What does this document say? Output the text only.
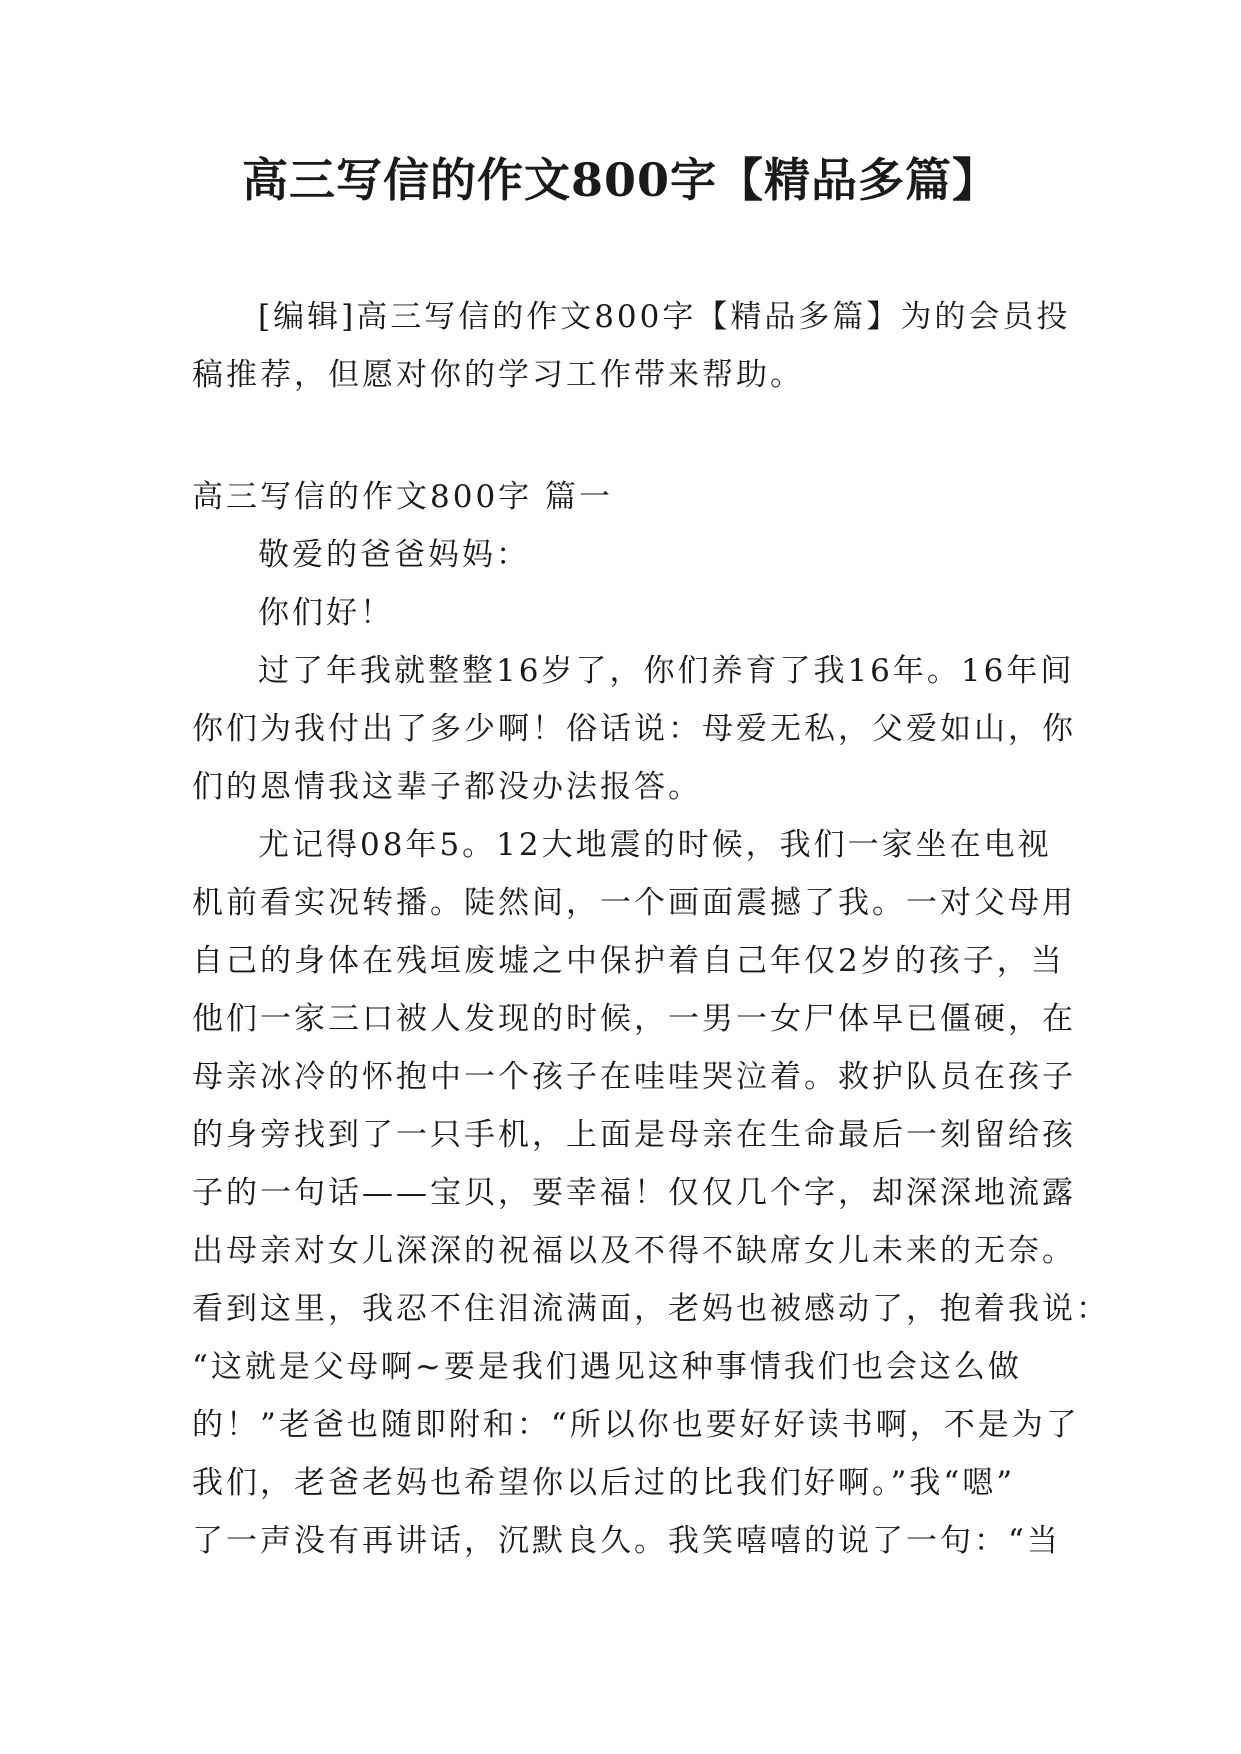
高三写信的作文800字【精品多篇】
[编辑]高三写信的作文800字【精品多篇】为的会员投
稿推荐，但愿对你的学习工作带来帮助。
高三写信的作文800字 篇一
敬爱的爸爸妈妈：
你们好！
过了年我就整整16岁了，你们养育了我16年。16年间
你们为我付出了多少啊！俗话说：母爱无私，父爱如山，你
们的恩情我这辈子都没办法报答。
尤记得08年5。12大地震的时候，我们一家坐在电视
机前看实况转播。陡然间，一个画面震撼了我。一对父母用
自己的身体在残垣废墟之中保护着自己年仅2岁的孩子，当
他们一家三口被人发现的时候，一男一女尸体早已僵硬，在
母亲冰冷的怀抱中一个孩子在哇哇哭泣着。救护队员在孩子
的身旁找到了一只手机，上面是母亲在生命最后一刻留给孩
子的一句话——宝贝，要幸福！仅仅几个字，却深深地流露
出母亲对女儿深深的祝福以及不得不缺席女儿未来的无奈。
看到这里，我忍不住泪流满面，老妈也被感动了，抱着我说：
“这就是父母啊~要是我们遇见这种事情我们也会这么做
的！”老爸也随即附和：“所以你也要好好读书啊，不是为了
我们，老爸老妈也希望你以后过的比我们好啊。”我“嗯”
了一声没有再讲话，沉默良久。我笑嘻嘻的说了一句：“当
